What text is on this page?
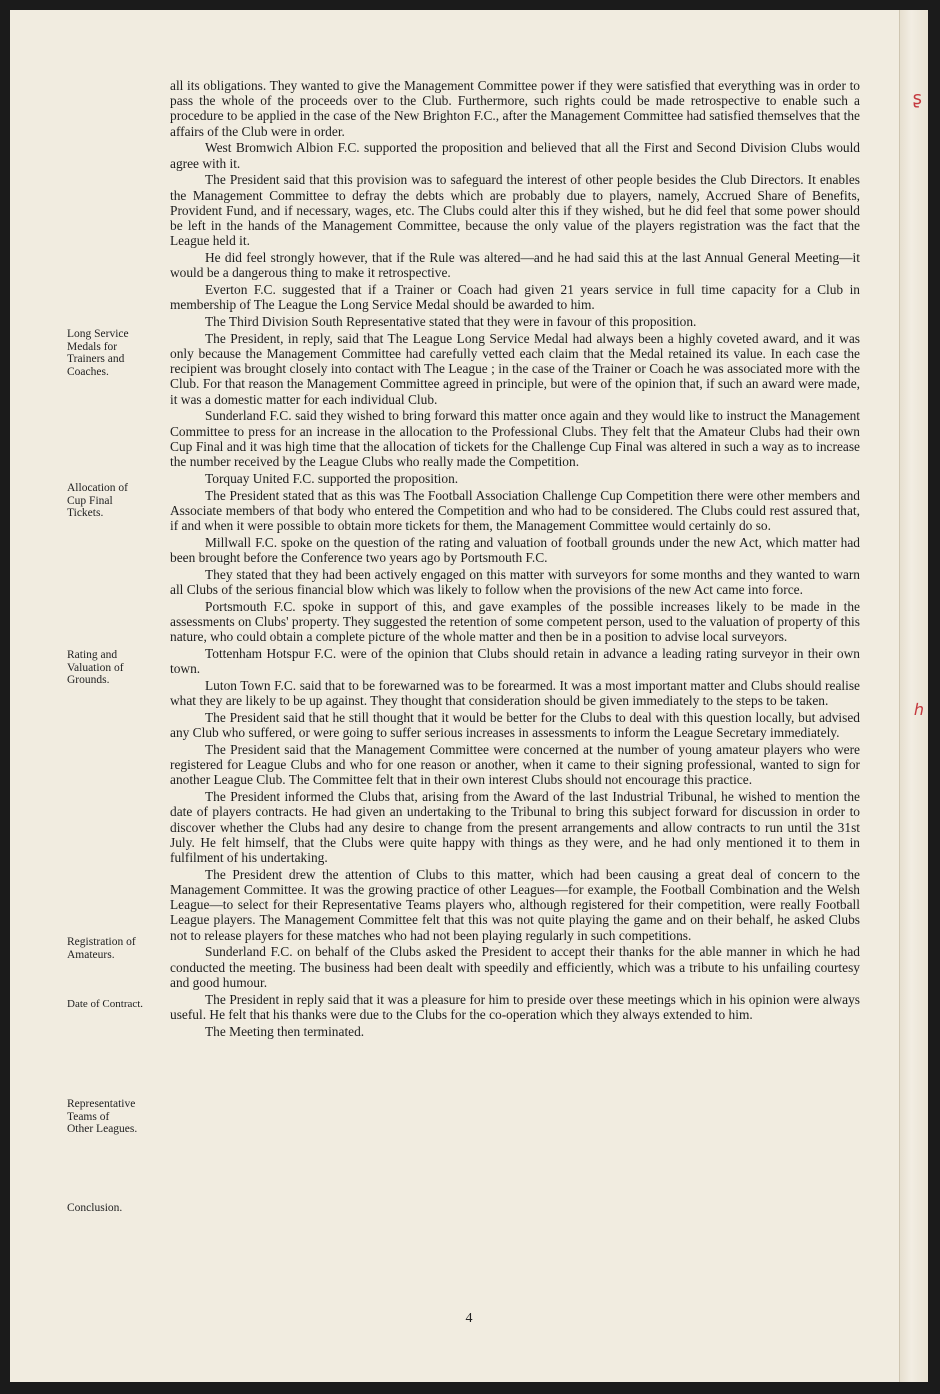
ʂ
ℎ
Long Service
Medals for
Trainers and
Coaches.
Allocation of
Cup Final
Tickets.
Rating and
Valuation of
Grounds.
Registration of
Amateurs.
Date of Contract.
Representative
Teams of
Other Leagues.
Conclusion.

all its obligations. They wanted to give the Management Committee power if they were satisfied that everything was in order to pass the whole of the proceeds over to the Club. Furthermore, such rights could be made retrospective to enable such a procedure to be applied in the case of the New Brighton F.C., after the Management Committee had satisfied themselves that the affairs of the Club were in order.

West Bromwich Albion F.C. supported the proposition and believed that all the First and Second Division Clubs would agree with it.

The President said that this provision was to safeguard the interest of other people besides the Club Directors. It enables the Management Committee to defray the debts which are probably due to players, namely, Accrued Share of Benefits, Provident Fund, and if necessary, wages, etc. The Clubs could alter this if they wished, but he did feel that some power should be left in the hands of the Management Committee, because the only value of the players registration was the fact that the League held it.

He did feel strongly however, that if the Rule was altered—and he had said this at the last Annual General Meeting—it would be a dangerous thing to make it retrospective.

Everton F.C. suggested that if a Trainer or Coach had given 21 years service in full time capacity for a Club in membership of The League the Long Service Medal should be awarded to him.

The Third Division South Representative stated that they were in favour of this proposition.

The President, in reply, said that The League Long Service Medal had always been a highly coveted award, and it was only because the Management Committee had carefully vetted each claim that the Medal retained its value. In each case the recipient was brought closely into contact with The League ; in the case of the Trainer or Coach he was associated more with the Club. For that reason the Management Committee agreed in principle, but were of the opinion that, if such an award were made, it was a domestic matter for each individual Club.

Sunderland F.C. said they wished to bring forward this matter once again and they would like to instruct the Management Committee to press for an increase in the allocation to the Professional Clubs. They felt that the Amateur Clubs had their own Cup Final and it was high time that the allocation of tickets for the Challenge Cup Final was altered in such a way as to increase the number received by the League Clubs who really made the Competition.

Torquay United F.C. supported the proposition.

The President stated that as this was The Football Association Challenge Cup Competition there were other members and Associate members of that body who entered the Competition and who had to be considered. The Clubs could rest assured that, if and when it were possible to obtain more tickets for them, the Management Committee would certainly do so.

Millwall F.C. spoke on the question of the rating and valuation of football grounds under the new Act, which matter had been brought before the Conference two years ago by Portsmouth F.C.

They stated that they had been actively engaged on this matter with surveyors for some months and they wanted to warn all Clubs of the serious financial blow which was likely to follow when the provisions of the new Act came into force.

Portsmouth F.C. spoke in support of this, and gave examples of the possible increases likely to be made in the assessments on Clubs' property. They suggested the retention of some competent person, used to the valuation of property of this nature, who could obtain a complete picture of the whole matter and then be in a position to advise local surveyors.

Tottenham Hotspur F.C. were of the opinion that Clubs should retain in advance a leading rating surveyor in their own town.

Luton Town F.C. said that to be forewarned was to be forearmed. It was a most important matter and Clubs should realise what they are likely to be up against. They thought that consideration should be given immediately to the steps to be taken.

The President said that he still thought that it would be better for the Clubs to deal with this question locally, but advised any Club who suffered, or were going to suffer serious increases in assessments to inform the League Secretary immediately.

The President said that the Management Committee were concerned at the number of young amateur players who were registered for League Clubs and who for one reason or another, when it came to their signing professional, wanted to sign for another League Club. The Committee felt that in their own interest Clubs should not encourage this practice.

The President informed the Clubs that, arising from the Award of the last Industrial Tribunal, he wished to mention the date of players contracts. He had given an undertaking to the Tribunal to bring this subject forward for discussion in order to discover whether the Clubs had any desire to change from the present arrangements and allow contracts to run until the 31st July. He felt himself, that the Clubs were quite happy with things as they were, and he had only mentioned it to them in fulfilment of his undertaking.

The President drew the attention of Clubs to this matter, which had been causing a great deal of concern to the Management Committee. It was the growing practice of other Leagues—for example, the Football Combination and the Welsh League—to select for their Representative Teams players who, although registered for their competition, were really Football League players. The Management Committee felt that this was not quite playing the game and on their behalf, he asked Clubs not to release players for these matches who had not been playing regularly in such competitions.

Sunderland F.C. on behalf of the Clubs asked the President to accept their thanks for the able manner in which he had conducted the meeting. The business had been dealt with speedily and efficiently, which was a tribute to his unfailing courtesy and good humour.

The President in reply said that it was a pleasure for him to preside over these meetings which in his opinion were always useful. He felt that his thanks were due to the Clubs for the co-operation which they always extended to him.

The Meeting then terminated.

4
